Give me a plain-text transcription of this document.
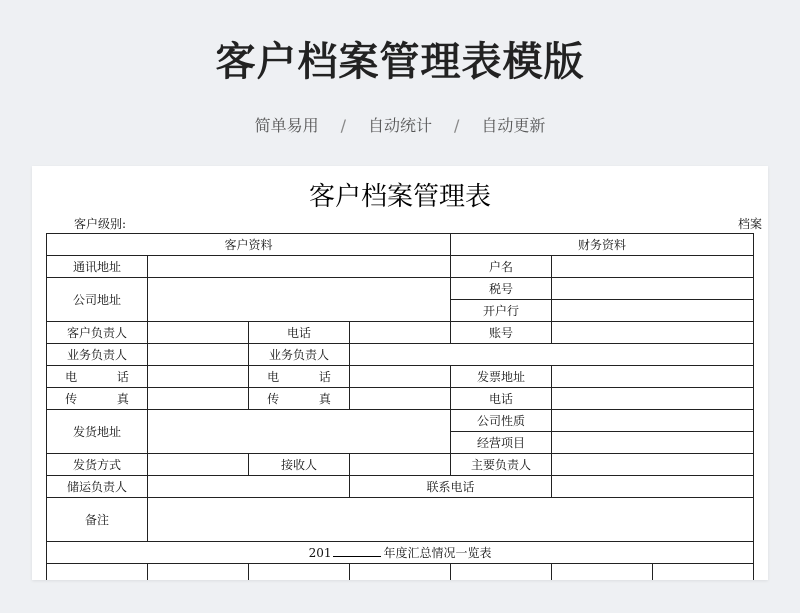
客户档案管理表模版
简单易用 / 自动统计 / 自动更新
客户档案管理表
客户级别:	档案
客户资料				财务资料		
通讯地址				户名		
公司地址				税号		
				开户行		
客户负责人		电话		账号		
业务负责人		业务负责人				
电 话		电 话		发票地址		
传 真		传 真		电话		
发货地址				公司性质		
				经营项目		
发货方式		接收人		主要负责人		
储运负责人			联系电话			
备注						
201 年度汇总情况一览表						
